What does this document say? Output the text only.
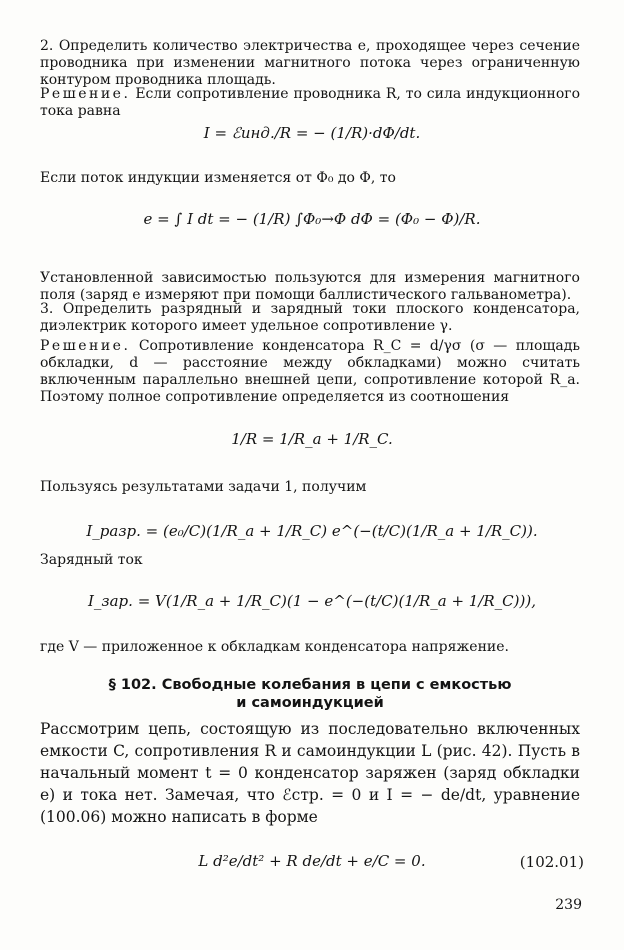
2. Определить количество электричества e, проходящее через сечение проводника при изменении магнитного потока через ограниченную контуром проводника площадь.

Решение. Если сопротивление проводника R, то сила индукционного тока равна

I = ℰинд./R = − (1/R)·dΦ/dt.

Если поток индукции изменяется от Φ₀ до Φ, то

e = ∫ I dt = − (1/R) ∫Φ₀→Φ dΦ = (Φ₀ − Φ)/R.

Установленной зависимостью пользуются для измерения магнитного поля (заряд e измеряют при помощи баллистического гальванометра).

3. Определить разрядный и зарядный токи плоского конденсатора, диэлектрик которого имеет удельное сопротивление γ.

Решение. Сопротивление конденсатора R_C = d/γσ (σ — площадь обкладки, d — расстояние между обкладками) можно считать включенным параллельно внешней цепи, сопротивление которой R_a. Поэтому полное сопротивление определяется из соотношения

1/R = 1/R_a + 1/R_C.

Пользуясь результатами задачи 1, получим

I_разр. = (e₀/C)(1/R_a + 1/R_C) e^(−(t/C)(1/R_a + 1/R_C)).

Зарядный ток

I_зар. = V(1/R_a + 1/R_C)(1 − e^(−(t/C)(1/R_a + 1/R_C))),

где V — приложенное к обкладкам конденсатора напряжение.

§ 102. Свободные колебания в цепи с емкостью
и самоиндукцией

Рассмотрим цепь, состоящую из последовательно включенных емкости C, сопротивления R и самоиндукции L (рис. 42). Пусть в начальный момент t = 0 конденсатор заряжен (заряд обкладки e) и тока нет. Замечая, что ℰстр. = 0 и I = − de/dt, уравнение (100.06) можно написать в форме

L d²e/dt² + R de/dt + e/C = 0.	(102.01)
239
